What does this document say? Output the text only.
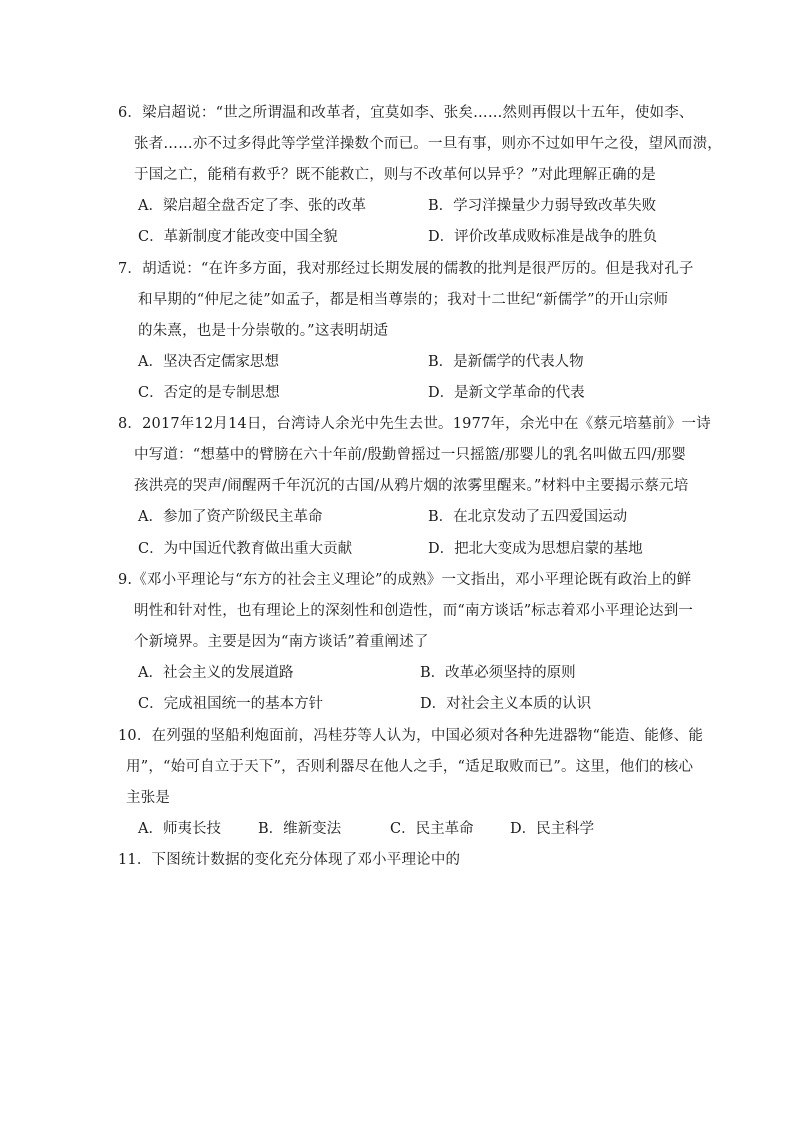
6．梁启超说：“世之所谓温和改革者，宜莫如李、张矣……然则再假以十五年，使如李、
张者……亦不过多得此等学堂洋操数个而已。一旦有事，则亦不过如甲午之役，望风而溃，
于国之亡，能稍有救乎？既不能救亡，则与不改革何以异乎？”对此理解正确的是
A．梁启超全盘否定了李、张的改革	B．学习洋操量少力弱导致改革失败
C．革新制度才能改变中国全貌	D．评价改革成败标准是战争的胜负
7．胡适说：“在许多方面，我对那经过长期发展的儒教的批判是很严厉的。但是我对孔子
和早期的“仲尼之徒”如孟子，都是相当尊崇的；我对十二世纪“新儒学”的开山宗师
的朱熹，也是十分崇敬的。”这表明胡适
A．坚决否定儒家思想	B．是新儒学的代表人物
C．否定的是专制思想	D．是新文学革命的代表
8．2017年12月14日，台湾诗人余光中先生去世。1977年，余光中在《蔡元培墓前》一诗
中写道：“想墓中的臂膀在六十年前/殷勤曾摇过一只摇篮/那婴儿的乳名叫做五四/那婴
孩洪亮的哭声/闹醒两千年沉沉的古国/从鸦片烟的浓雾里醒来。”材料中主要揭示蔡元培
A．参加了资产阶级民主革命	B．在北京发动了五四爱国运动
C．为中国近代教育做出重大贡献	D．把北大变成为思想启蒙的基地
9.《邓小平理论与“东方的社会主义理论”的成熟》一文指出，邓小平理论既有政治上的鲜
明性和针对性，也有理论上的深刻性和创造性，而“南方谈话”标志着邓小平理论达到一
个新境界。主要是因为“南方谈话”着重阐述了
A．社会主义的发展道路	B．改革必须坚持的原则
C．完成祖国统一的基本方针	D．对社会主义本质的认识
10．在列强的坚船利炮面前，冯桂芬等人认为，中国必须对各种先进器物“能造、能修、能
用”，“始可自立于天下”，否则利器尽在他人之手，“适足取败而已”。这里，他们的核心
主张是
A．师夷长技	B．维新变法	C．民主革命	D．民主科学
11．下图统计数据的变化充分体现了邓小平理论中的
